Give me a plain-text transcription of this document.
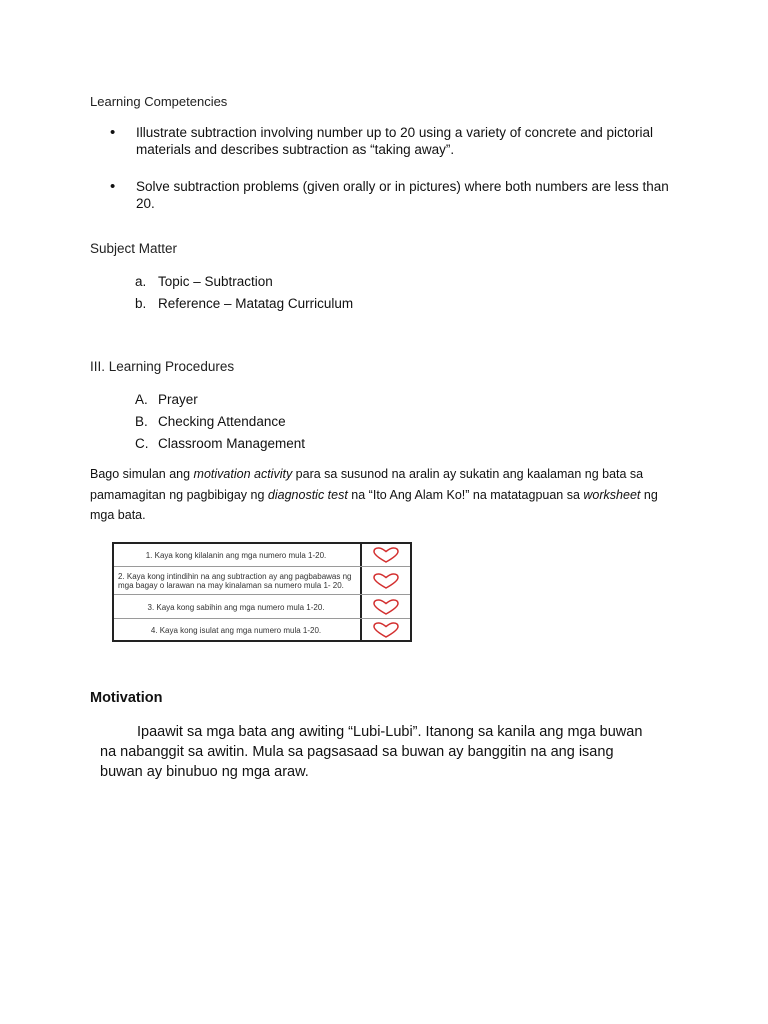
Learning Competencies
• Illustrate subtraction involving number up to 20 using a variety of concrete and pictorial materials and describes subtraction as “taking away”.
• Solve subtraction problems (given orally or in pictures) where both numbers are less than 20.
Subject Matter
a. Topic – Subtraction
b. Reference – Matatag Curriculum
III. Learning Procedures
A. Prayer
B. Checking Attendance
C. Classroom Management

Bago simulan ang motivation activity para sa susunod na aralin ay sukatin ang kaalaman ng bata sa pamamagitan ng pagbibigay ng diagnostic test na “Ito Ang Alam Ko!” na matatagpuan sa worksheet ng mga bata.

1. Kaya kong kilalanin ang mga numero mula 1-20.
2. Kaya kong intindihin na ang subtraction ay ang pagbabawas ng mga bagay o larawan na may kinalaman sa numero mula 1- 20.
3. Kaya kong sabihin ang mga numero mula 1-20.
4. Kaya kong isulat ang mga numero mula 1-20.
Motivation

Ipaawit sa mga bata ang awiting “Lubi-Lubi”. Itanong sa kanila ang mga buwan na nabanggit sa awitin. Mula sa pagsasaad sa buwan ay banggitin na ang isang buwan ay binubuo ng mga araw.
